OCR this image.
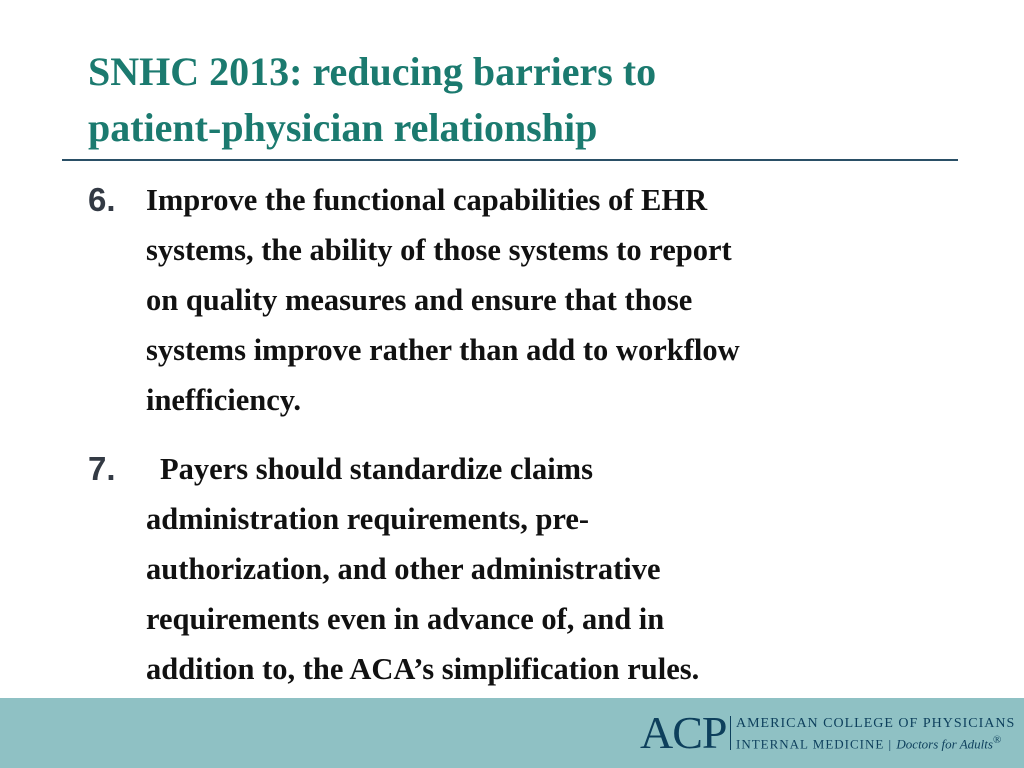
SNHC 2013: reducing barriers to
patient-physician relationship
6. Improve the functional capabilities of EHR
systems, the ability of those systems to report
on quality measures and ensure that those
systems improve rather than add to workflow
inefficiency.
7.	Payers should standardize claims
administration requirements, pre-
authorization, and other administrative
requirements even in advance of, and in
addition to, the ACA’s simplification rules.
ACP AMERICAN COLLEGE OF PHYSICIANS
INTERNAL MEDICINE | Doctors for Adults®
